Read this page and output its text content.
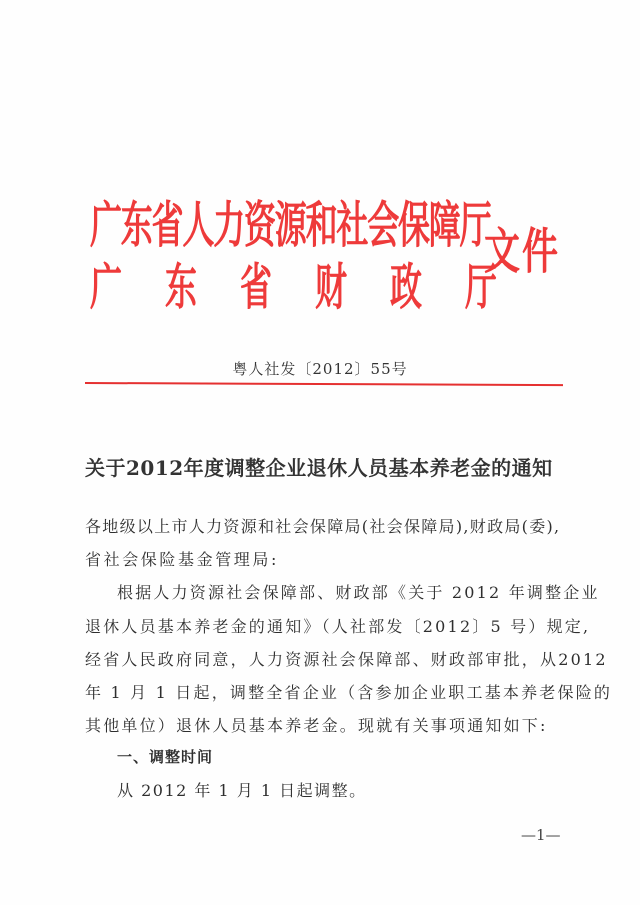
广东省人力资源和社会保障厅
广 东 省 财 政 厅
文件
粤人社发〔2012〕55号
关于2012年度调整企业退休人员基本养老金的通知
各地级以上市人力资源和社会保障局(社会保障局),财政局(委),
省社会保险基金管理局:
根据人力资源社会保障部、财政部《关于 2012 年调整企业
退休人员基本养老金的通知》（人社部发〔2012〕5 号）规定,
经省人民政府同意，人力资源社会保障部、财政部审批，从2012
年 1 月 1 日起，调整全省企业（含参加企业职工基本养老保险的
其他单位）退休人员基本养老金。现就有关事项通知如下:
一、调整时间
从 2012 年 1 月 1 日起调整。
—1—
